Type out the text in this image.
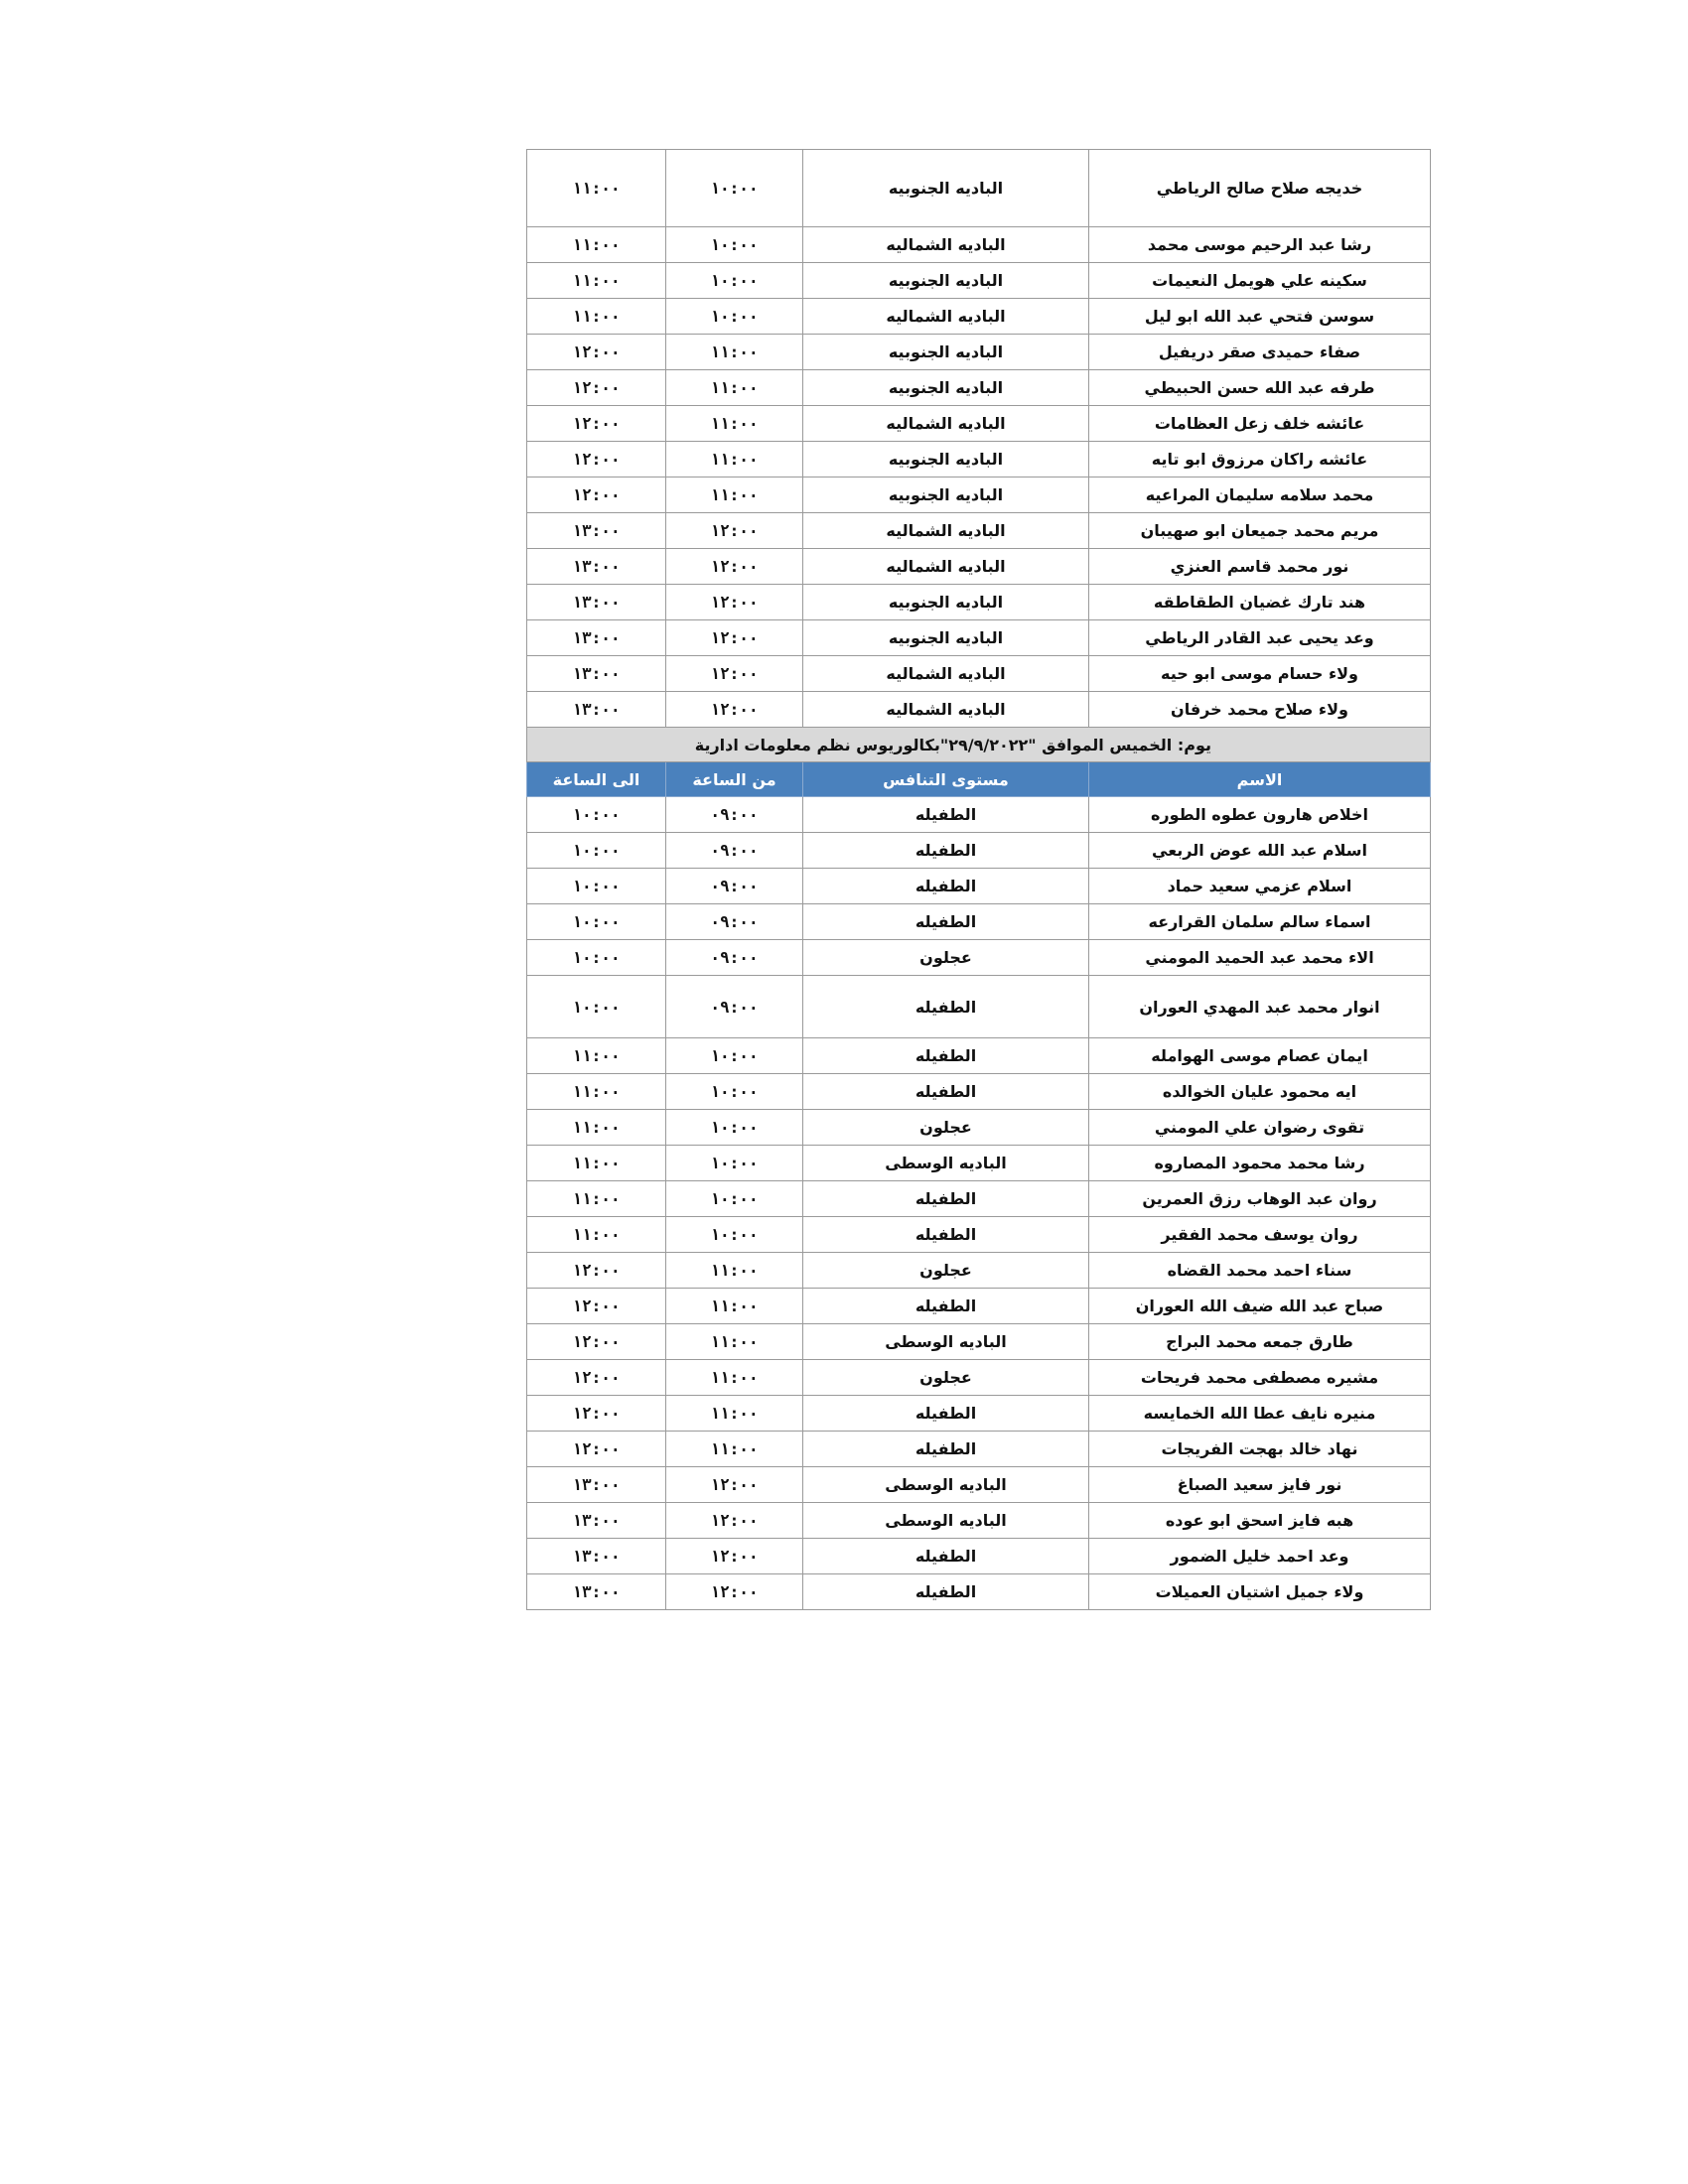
١١:٠٠	١٠:٠٠	الباديه الجنوبيه	خديجه صلاح صالح الرياطي
١١:٠٠	١٠:٠٠	الباديه الشماليه	رشا عبد الرحيم موسى محمد
١١:٠٠	١٠:٠٠	الباديه الجنوبيه	سكينه علي هويمل النعيمات
١١:٠٠	١٠:٠٠	الباديه الشماليه	سوسن فتحي عبد الله ابو ليل
١٢:٠٠	١١:٠٠	الباديه الجنوبيه	صفاء حميدى صقر دريفيل
١٢:٠٠	١١:٠٠	الباديه الجنوبيه	طرفه عبد الله حسن الحبيطي
١٢:٠٠	١١:٠٠	الباديه الشماليه	عائشه خلف زعل العظامات
١٢:٠٠	١١:٠٠	الباديه الجنوبيه	عائشه راكان مرزوق ابو تايه
١٢:٠٠	١١:٠٠	الباديه الجنوبيه	محمد سلامه سليمان المراعيه
١٣:٠٠	١٢:٠٠	الباديه الشماليه	مريم محمد جميعان ابو صهيبان
١٣:٠٠	١٢:٠٠	الباديه الشماليه	نور محمد قاسم العنزي
١٣:٠٠	١٢:٠٠	الباديه الجنوبيه	هند تارك غضيان الطقاطقه
١٣:٠٠	١٢:٠٠	الباديه الجنوبيه	وعد يحيى عبد القادر الرياطي
١٣:٠٠	١٢:٠٠	الباديه الشماليه	ولاء حسام موسى ابو حيه
١٣:٠٠	١٢:٠٠	الباديه الشماليه	ولاء صلاح محمد خرفان
يوم: الخميس الموافق "٢٩/٩/٢٠٢٢"بكالوريوس نظم معلومات ادارية			
الى الساعة	من الساعة	مستوى التنافس	الاسم
١٠:٠٠	٠٩:٠٠	الطفيله	اخلاص هارون عطوه الطوره
١٠:٠٠	٠٩:٠٠	الطفيله	اسلام عبد الله عوض الربعي
١٠:٠٠	٠٩:٠٠	الطفيله	اسلام عزمي سعيد حماد
١٠:٠٠	٠٩:٠٠	الطفيله	اسماء سالم سلمان القرارعه
١٠:٠٠	٠٩:٠٠	عجلون	الاء محمد عبد الحميد المومني
١٠:٠٠	٠٩:٠٠	الطفيله	انوار محمد عبد المهدي العوران
١١:٠٠	١٠:٠٠	الطفيله	ايمان عصام موسى الهوامله
١١:٠٠	١٠:٠٠	الطفيله	ايه محمود عليان الخوالده
١١:٠٠	١٠:٠٠	عجلون	تقوى رضوان علي المومني
١١:٠٠	١٠:٠٠	الباديه الوسطى	رشا محمد محمود المصاروه
١١:٠٠	١٠:٠٠	الطفيله	روان عبد الوهاب رزق العمرين
١١:٠٠	١٠:٠٠	الطفيله	روان يوسف محمد الفقير
١٢:٠٠	١١:٠٠	عجلون	سناء احمد محمد القضاه
١٢:٠٠	١١:٠٠	الطفيله	صباح عبد الله ضيف الله العوران
١٢:٠٠	١١:٠٠	الباديه الوسطى	طارق جمعه محمد البراج
١٢:٠٠	١١:٠٠	عجلون	مشيره مصطفى محمد فريحات
١٢:٠٠	١١:٠٠	الطفيله	منيره نايف عطا الله الخمايسه
١٢:٠٠	١١:٠٠	الطفيله	نهاد خالد بهجت الفريجات
١٣:٠٠	١٢:٠٠	الباديه الوسطى	نور فايز سعيد الصباغ
١٣:٠٠	١٢:٠٠	الباديه الوسطى	هبه فايز اسحق ابو عوده
١٣:٠٠	١٢:٠٠	الطفيله	وعد احمد خليل الضمور
١٣:٠٠	١٢:٠٠	الطفيله	ولاء جميل اشتيان العميلات
